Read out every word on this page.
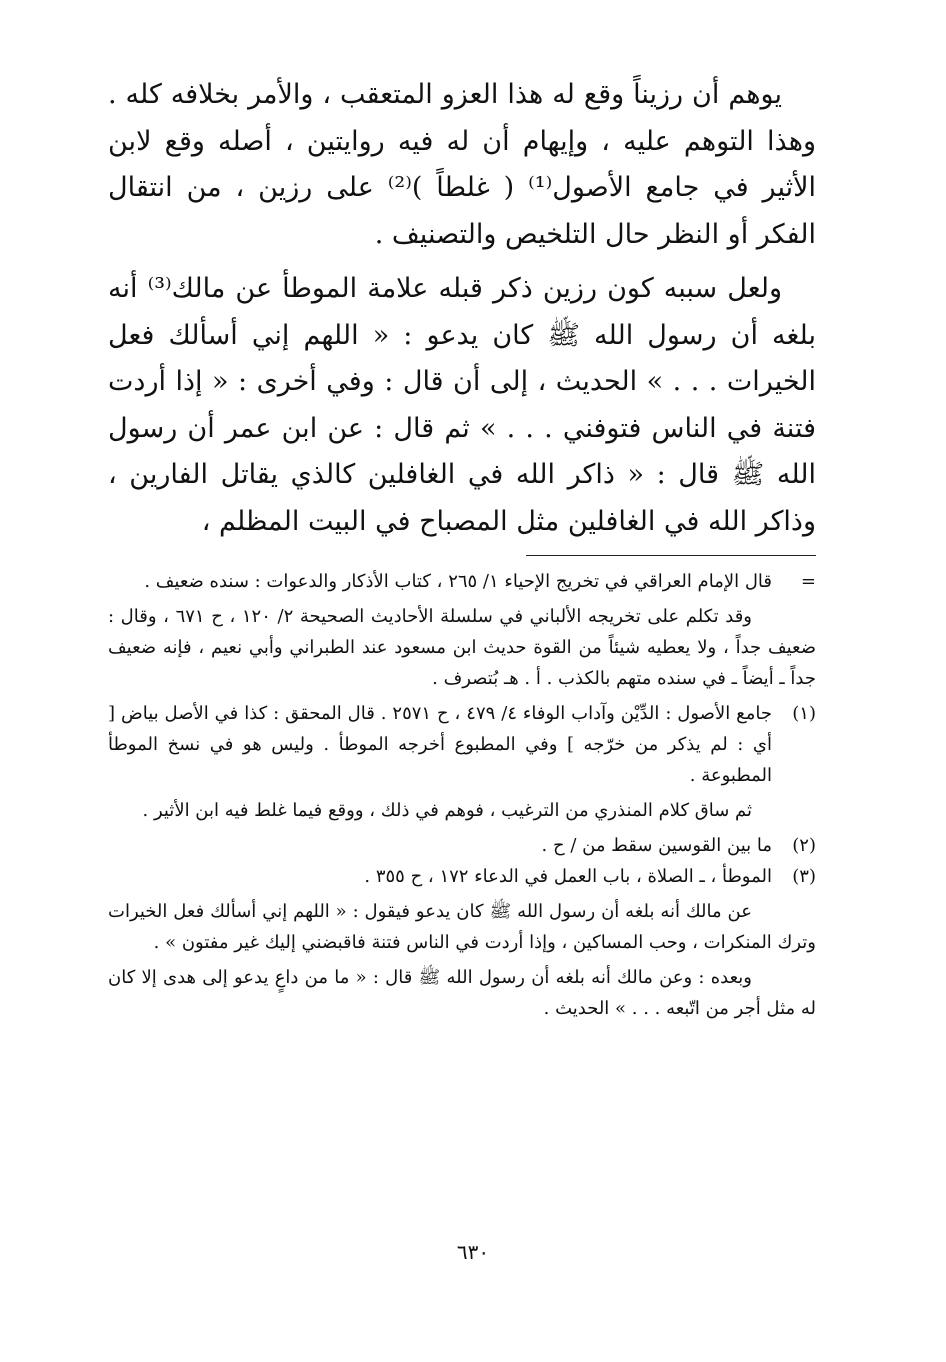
يوهم أن رزيناً وقع له هذا العزو المتعقب ، والأمر بخلافه كله . وهذا التوهم عليه ، وإيهام أن له فيه روايتين ، أصله وقع لابن الأثير في جامع الأصول⁽¹⁾ ( غلطاً )⁽²⁾ على رزين ، من انتقال الفكر أو النظر حال التلخيص والتصنيف .

ولعل سببه كون رزين ذكر قبله علامة الموطأ عن مالك⁽³⁾ أنه بلغه أن رسول الله ﷺ كان يدعو : « اللهم إني أسألك فعل الخيرات . . . » الحديث ، إلى أن قال : وفي أخرى : « إذا أردت فتنة في الناس فتوفني . . . » ثم قال : عن ابن عمر أن رسول الله ﷺ قال : « ذاكر الله في الغافلين كالذي يقاتل الفارين ، وذاكر الله في الغافلين مثل المصباح في البيت المظلم ،

=

قال الإمام العراقي في تخريج الإحياء ١/ ٢٦٥ ، كتاب الأذكار والدعوات : سنده ضعيف .

وقد تكلم على تخريجه الألباني في سلسلة الأحاديث الصحيحة ٢/ ١٢٠ ، ح ٦٧١ ، وقال : ضعيف جداً ، ولا يعطيه شيئاً من القوة حديث ابن مسعود عند الطبراني وأبي نعيم ، فإنه ضعيف جداً ـ أيضاً ـ في سنده متهم بالكذب . أ . هـ بُتصرف .

(١)

جامع الأصول : الدِّيْن وآداب الوفاء ٤/ ٤٧٩ ، ح ٢٥٧١ . قال المحقق : كذا في الأصل بياض [ أي : لم يذكر من خرّجه ] وفي المطبوع أخرجه الموطأ . وليس هو في نسخ الموطأ المطبوعة .

ثم ساق كلام المنذري من الترغيب ، فوهم في ذلك ، ووقع فيما غلط فيه ابن الأثير .

(٢)

ما بين القوسين سقط من / ح .

(٣)

الموطأ ، ـ الصلاة ، باب العمل في الدعاء ١٧٢ ، ح ٣٥٥ .

عن مالك أنه بلغه أن رسول الله ﷺ كان يدعو فيقول : « اللهم إني أسألك فعل الخيرات وترك المنكرات ، وحب المساكين ، وإذا أردت في الناس فتنة فاقبضني إليك غير مفتون » .

وبعده : وعن مالك أنه بلغه أن رسول الله ﷺ قال : « ما من داعٍ يدعو إلى هدى إلا كان له مثل أجر من اتّبعه . . . » الحديث .

٦٣٠
